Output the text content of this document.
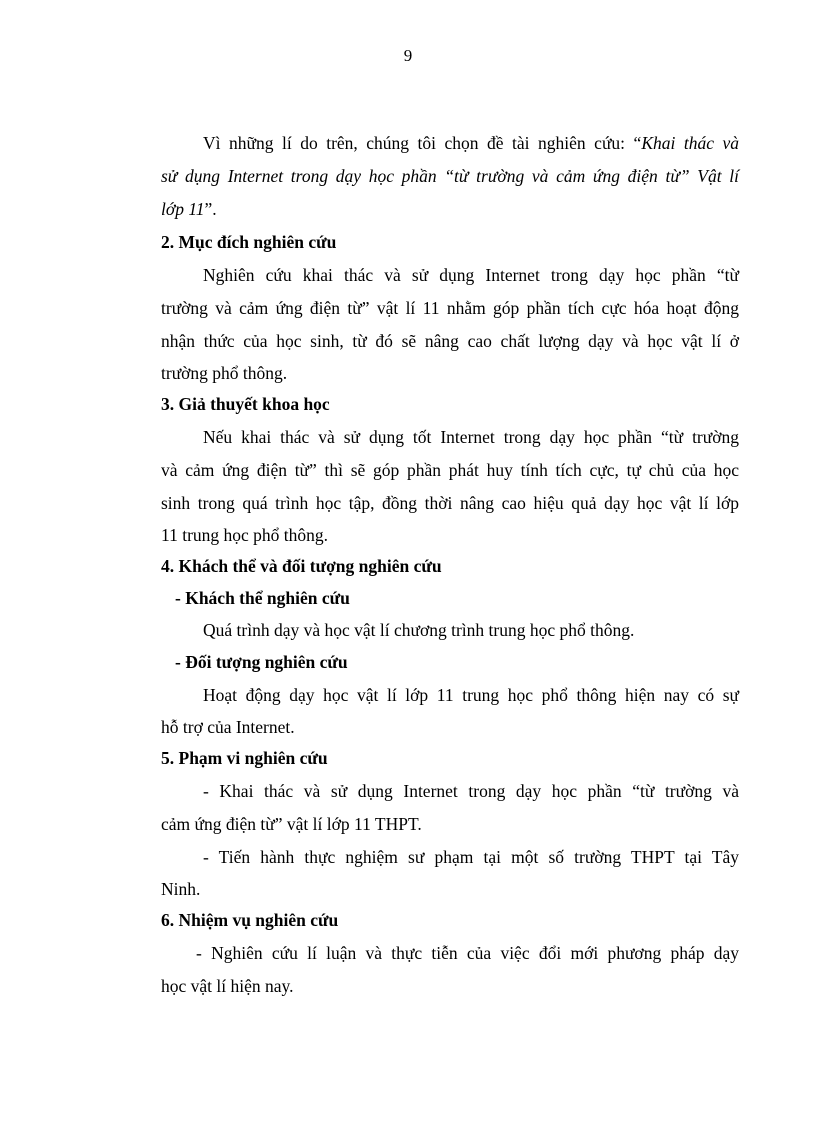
9
Vì những lí do trên, chúng tôi chọn đề tài nghiên cứu: “Khai thác và
sử dụng Internet trong dạy học phần “từ trường và cảm ứng điện từ” Vật lí
lớp 11”.
2. Mục đích nghiên cứu
Nghiên cứu khai thác và sử dụng Internet trong dạy học phần “từ
trường và cảm ứng điện từ” vật lí 11 nhằm góp phần tích cực hóa hoạt động
nhận thức của học sinh, từ đó sẽ nâng cao chất lượng dạy và học vật lí ở
trường phổ thông.
3. Giả thuyết khoa học
Nếu khai thác và sử dụng tốt Internet trong dạy học phần “từ trường
và cảm ứng điện từ” thì sẽ góp phần phát huy tính tích cực, tự chủ của học
sinh trong quá trình học tập, đồng thời nâng cao hiệu quả dạy học vật lí lớp
11 trung học phổ thông.
4. Khách thể và đối tượng nghiên cứu
- Khách thể nghiên cứu
Quá trình dạy và học vật lí chương trình trung học phổ thông.
- Đối tượng nghiên cứu
Hoạt động dạy học vật lí lớp 11 trung học phổ thông hiện nay có sự
hỗ trợ của Internet.
5. Phạm vi nghiên cứu
- Khai thác và sử dụng Internet trong dạy học phần “từ trường và
cảm ứng điện từ” vật lí lớp 11 THPT.
- Tiến hành thực nghiệm sư phạm tại một số trường THPT tại Tây
Ninh.
6. Nhiệm vụ nghiên cứu
- Nghiên cứu lí luận và thực tiễn của việc đổi mới phương pháp dạy
học vật lí hiện nay.
